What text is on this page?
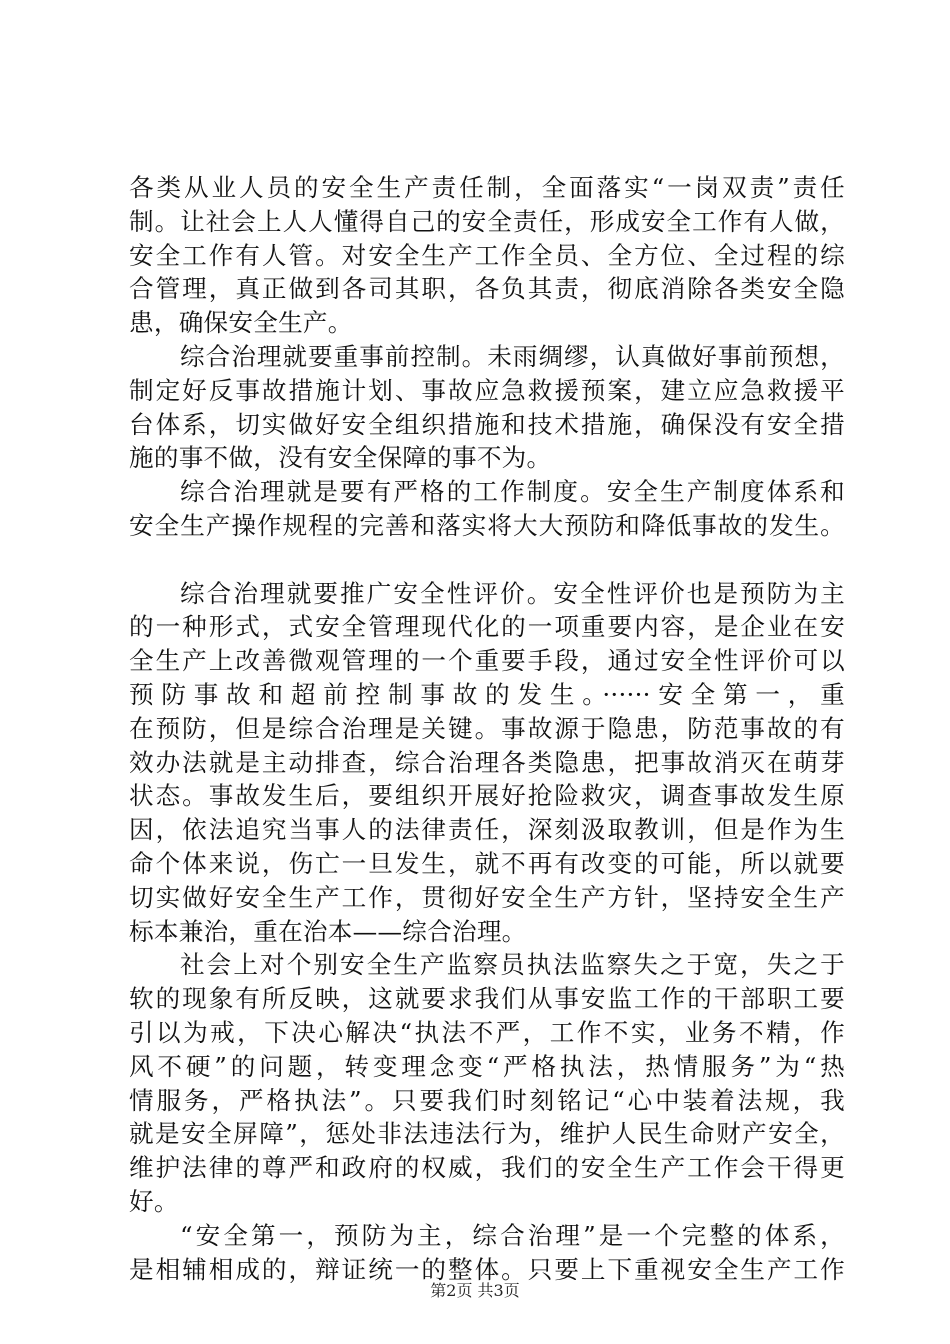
各类从业人员的安全生产责任制，全面落实“一岗双责”责任
制。让社会上人人懂得自己的安全责任，形成安全工作有人做，
安全工作有人管。对安全生产工作全员、全方位、全过程的综
合管理，真正做到各司其职，各负其责，彻底消除各类安全隐
患，确保安全生产。
综合治理就要重事前控制。未雨绸缪，认真做好事前预想，
制定好反事故措施计划、事故应急救援预案，建立应急救援平
台体系，切实做好安全组织措施和技术措施，确保没有安全措
施的事不做，没有安全保障的事不为。
综合治理就是要有严格的工作制度。安全生产制度体系和
安全生产操作规程的完善和落实将大大预防和降低事故的发生。
综合治理就要推广安全性评价。安全性评价也是预防为主
的一种形式，式安全管理现代化的一项重要内容，是企业在安
全生产上改善微观管理的一个重要手段，通过安全性评价可以
预防事故和超前控制事故的发生。······安全第一，重
在预防，但是综合治理是关键。事故源于隐患，防范事故的有
效办法就是主动排查，综合治理各类隐患，把事故消灭在萌芽
状态。事故发生后，要组织开展好抢险救灾，调查事故发生原
因，依法追究当事人的法律责任，深刻汲取教训，但是作为生
命个体来说，伤亡一旦发生，就不再有改变的可能，所以就要
切实做好安全生产工作，贯彻好安全生产方针，坚持安全生产
标本兼治，重在治本——综合治理。
社会上对个别安全生产监察员执法监察失之于宽，失之于
软的现象有所反映，这就要求我们从事安监工作的干部职工要
引以为戒，下决心解决“执法不严，工作不实，业务不精，作
风不硬”的问题，转变理念变“严格执法，热情服务”为“热
情服务，严格执法”。只要我们时刻铭记“心中装着法规，我
就是安全屏障”，惩处非法违法行为，维护人民生命财产安全，
维护法律的尊严和政府的权威，我们的安全生产工作会干得更
好。
“安全第一，预防为主，综合治理”是一个完整的体系，
是相辅相成的，辩证统一的整体。只要上下重视安全生产工作
第2页 共3页
